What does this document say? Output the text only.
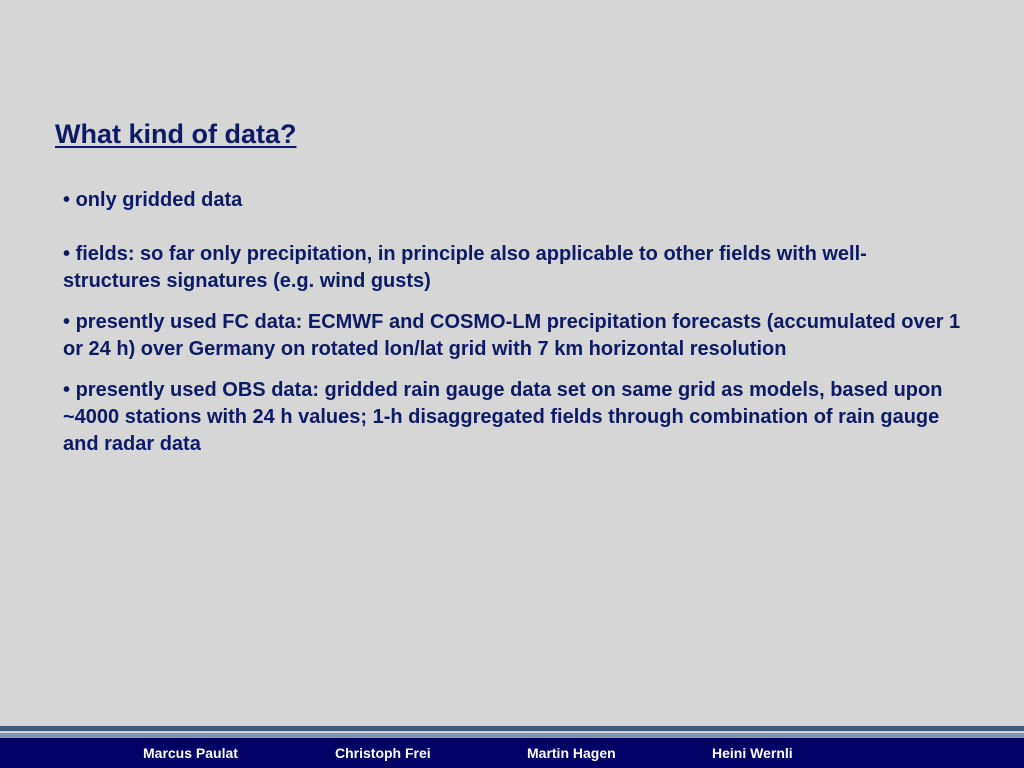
What kind of data?
• only gridded data
• fields: so far only precipitation, in principle also applicable to other fields with well-structures signatures (e.g. wind gusts)
• presently used FC data: ECMWF and COSMO-LM precipitation forecasts (accumulated over 1 or 24 h) over Germany on rotated lon/lat grid with 7 km horizontal resolution
• presently used OBS data: gridded rain gauge data set on same grid as models, based upon ~4000 stations with 24 h values; 1-h disaggregated fields through combination of rain gauge and radar data
Marcus Paulat	Christoph Frei	Martin Hagen	Heini Wernli
